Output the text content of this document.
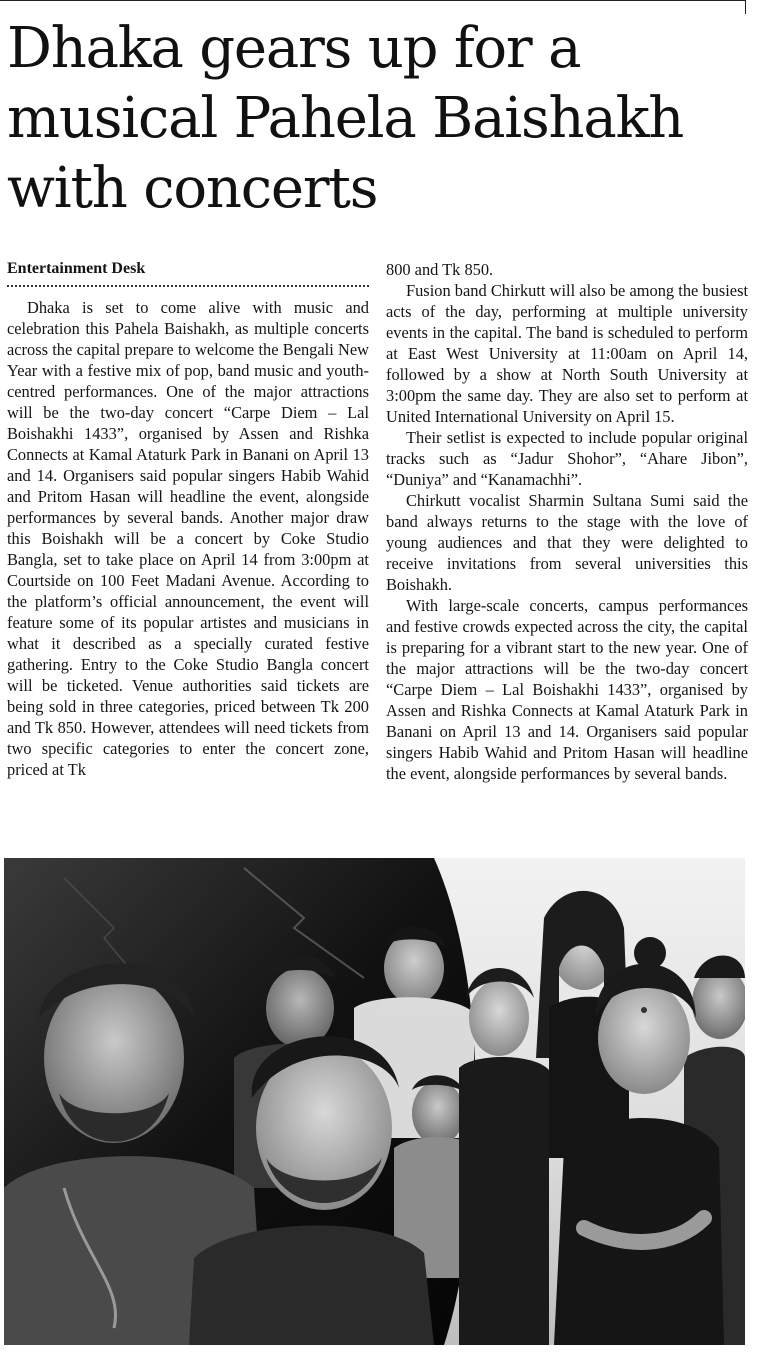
Dhaka gears up for a musical Pahela Baishakh with concerts
Entertainment Desk

Dhaka is set to come alive with music and celebration this Pahela Baishakh, as multiple concerts across the capital prepare to welcome the Bengali New Year with a festive mix of pop, band music and youth-centred performances. One of the major attractions will be the two-day concert “Carpe Diem – Lal Boishakhi 1433”, organised by Assen and Rishka Connects at Kamal Ataturk Park in Banani on April 13 and 14. Organisers said popular singers Habib Wahid and Pritom Hasan will headline the event, alongside performances by several bands. Another major draw this Boishakh will be a concert by Coke Studio Bangla, set to take place on April 14 from 3:00pm at Courtside on 100 Feet Madani Avenue. According to the platform’s official announcement, the event will feature some of its popular artistes and musicians in what it described as a specially curated festive gathering. Entry to the Coke Studio Bangla concert will be ticketed. Venue authorities said tickets are being sold in three categories, priced between Tk 200 and Tk 850. However, attendees will need tickets from two specific categories to enter the concert zone, priced at Tk

800 and Tk 850.

Fusion band Chirkutt will also be among the busiest acts of the day, performing at multiple university events in the capital. The band is scheduled to perform at East West University at 11:00am on April 14, followed by a show at North South University at 3:00pm the same day. They are also set to perform at United International University on April 15.

Their setlist is expected to include popular original tracks such as “Jadur Shohor”, “Ahare Jibon”, “Duniya” and “Kanamachhi”.

Chirkutt vocalist Sharmin Sultana Sumi said the band always returns to the stage with the love of young audiences and that they were delighted to receive invitations from several universities this Boishakh.

With large-scale concerts, campus performances and festive crowds expected across the city, the capital is preparing for a vibrant start to the new year. One of the major attractions will be the two-day concert “Carpe Diem – Lal Boishakhi 1433”, organised by Assen and Rishka Connects at Kamal Ataturk Park in Banani on April 13 and 14. Organisers said popular singers Habib Wahid and Pritom Hasan will headline the event, alongside performances by several bands.
